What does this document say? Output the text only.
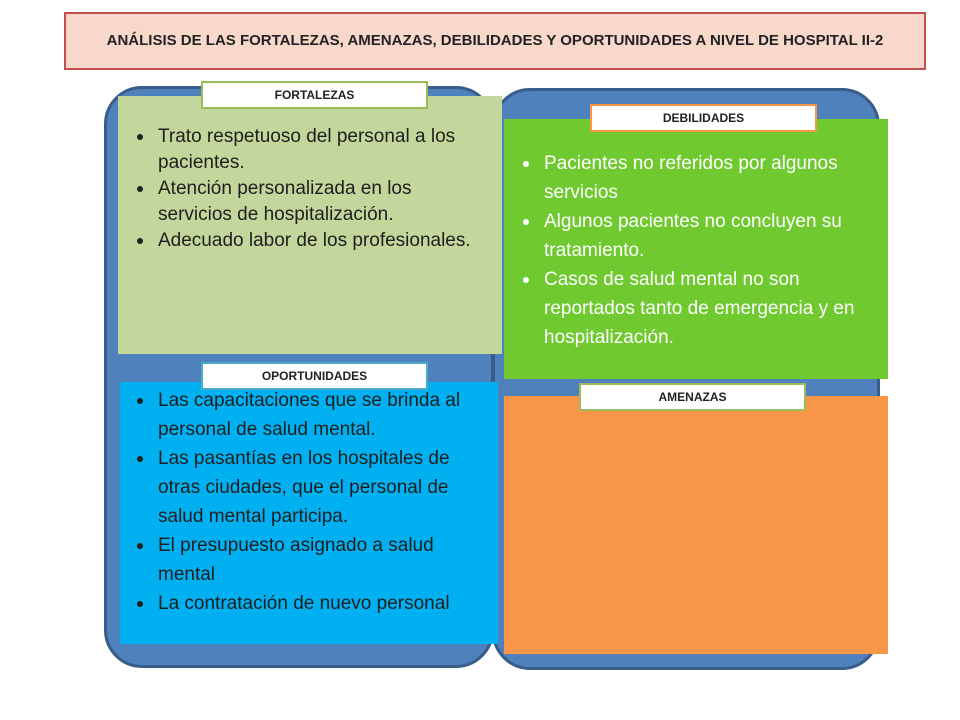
ANÁLISIS DE LAS FORTALEZAS, AMENAZAS, DEBILIDADES Y OPORTUNIDADES A NIVEL DE HOSPITAL II-2
Trato respetuoso del personal a los pacientes.
Atención personalizada en los servicios de hospitalización.
Adecuado labor de los profesionales.
Pacientes no referidos por algunos servicios
Algunos pacientes no concluyen su tratamiento.
Casos de salud mental no son reportados tanto de emergencia y en hospitalización.
Las capacitaciones que se brinda al personal de salud mental.
Las pasantías en los hospitales de otras ciudades, que el personal de salud mental participa.
El presupuesto asignado a salud mental
La contratación de nuevo personal
FORTALEZAS
DEBILIDADES
OPORTUNIDADES
AMENAZAS
